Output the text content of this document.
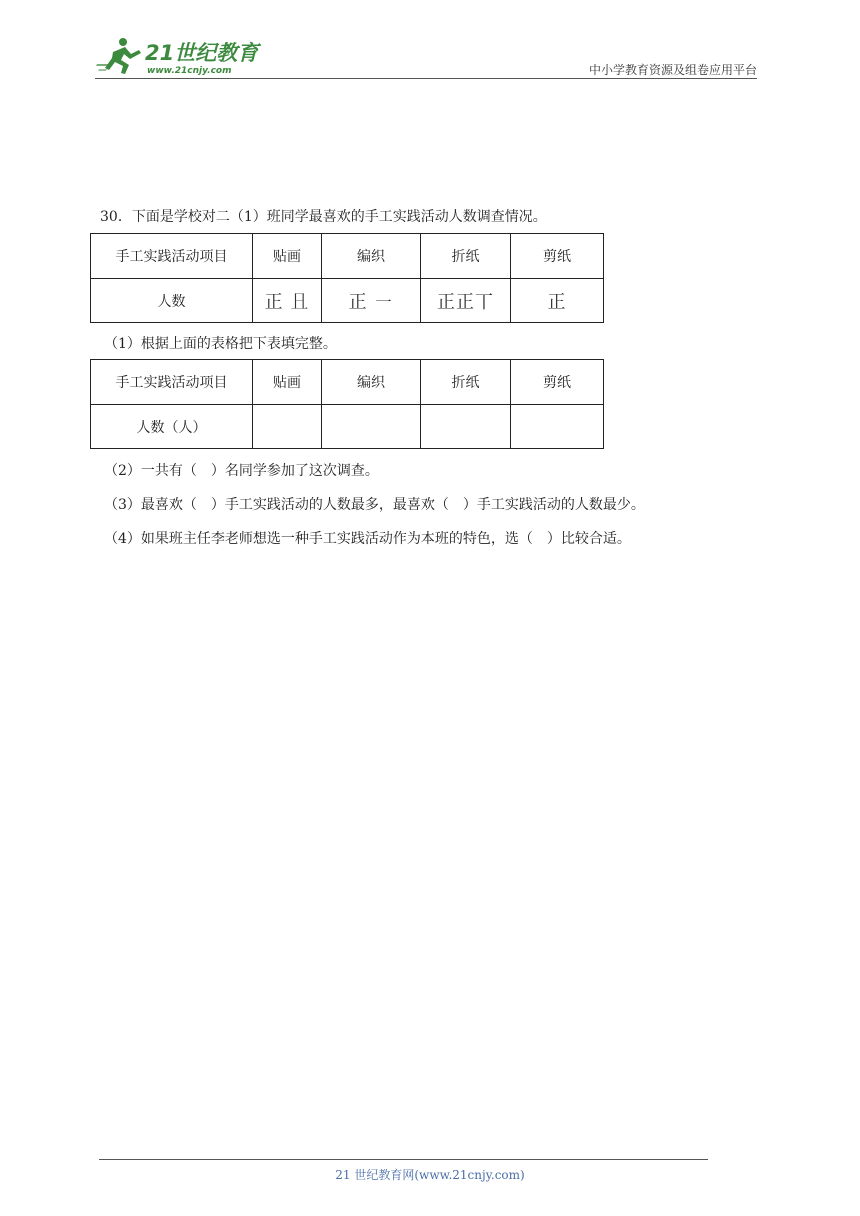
21世纪教育
www.21cnjy.com	中小学教育资源及组卷应用平台
30．下面是学校对二（1）班同学最喜欢的手工实践活动人数调查情况。
手工实践活动项目	贴画	编织	折纸	剪纸
人数	正 𠀇	正 ㇐	正正丅	正
（1）根据上面的表格把下表填完整。
手工实践活动项目	贴画	编织	折纸	剪纸
人数（人）				
（2）一共有（　）名同学参加了这次调查。
（3）最喜欢（　）手工实践活动的人数最多，最喜欢（　）手工实践活动的人数最少。
（4）如果班主任李老师想选一种手工实践活动作为本班的特色，选（　）比较合适。
21 世纪教育网(www.21cnjy.com)
